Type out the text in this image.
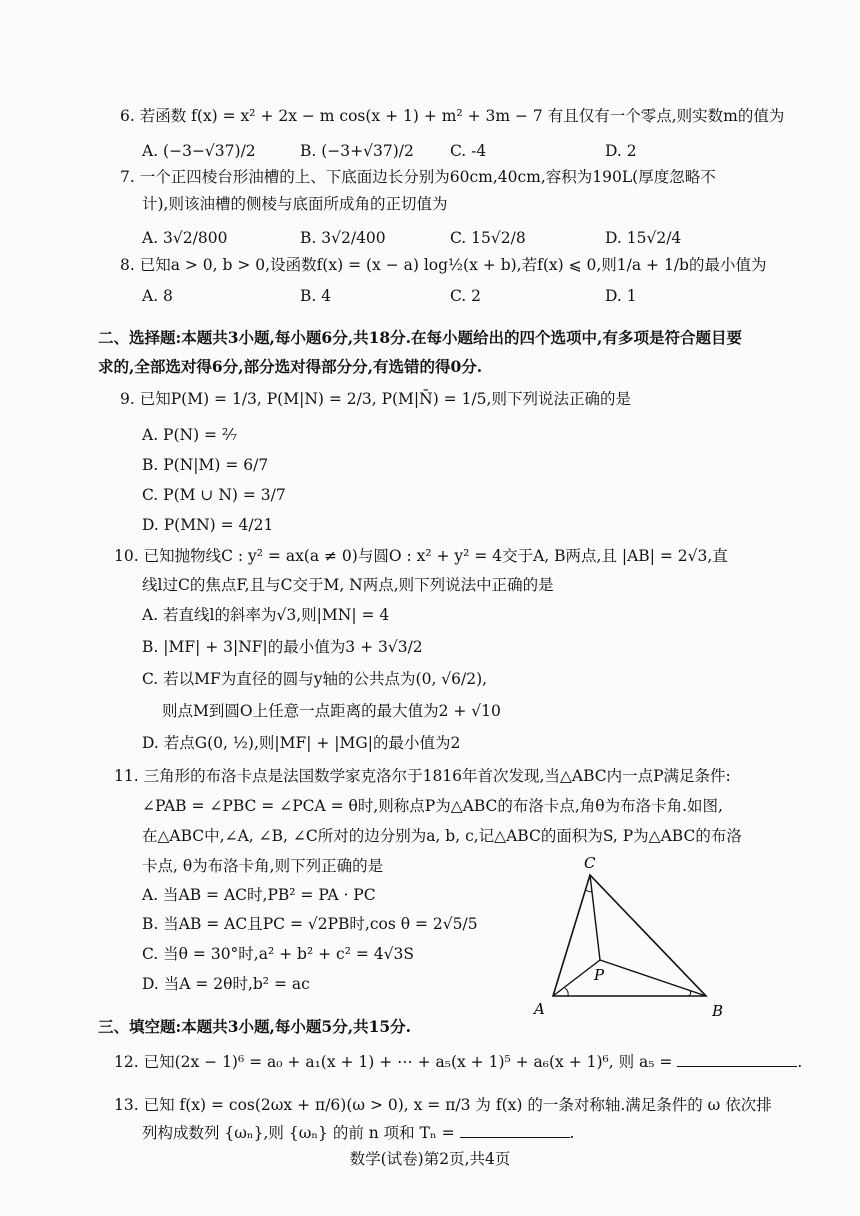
6. 若函数 f(x) = x² + 2x − m cos(x + 1) + m² + 3m − 7 有且仅有一个零点,则实数m的值为
A. (−3−√37)/2	B. (−3+√37)/2	C. -4	D. 2
7. 一个正四棱台形油槽的上、下底面边长分别为60cm,40cm,容积为190L(厚度忽略不
计),则该油槽的侧棱与底面所成角的正切值为
A. 3√2/800	B. 3√2/400	C. 15√2/8	D. 15√2/4
8. 已知a > 0, b > 0,设函数f(x) = (x − a) log½(x + b),若f(x) ⩽ 0,则1/a + 1/b的最小值为
A. 8	B. 4	C. 2	D. 1
二、选择题:本题共3小题,每小题6分,共18分.在每小题给出的四个选项中,有多项是符合题目要
求的,全部选对得6分,部分选对得部分分,有选错的得0分.
9. 已知P(M) = 1/3, P(M|N) = 2/3, P(M|N̄) = 1/5,则下列说法正确的是
A. P(N) = ²⁄₇
B. P(N|M) = 6/7
C. P(M ∪ N) = 3/7
D. P(MN) = 4/21
10. 已知抛物线C : y² = ax(a ≠ 0)与圆O : x² + y² = 4交于A, B两点,且 |AB| = 2√3,直
线l过C的焦点F,且与C交于M, N两点,则下列说法中正确的是
A. 若直线l的斜率为√3,则|MN| = 4
B. |MF| + 3|NF|的最小值为3 + 3√3/2
C. 若以MF为直径的圆与y轴的公共点为(0, √6/2),
则点M到圆O上任意一点距离的最大值为2 + √10
D. 若点G(0, ½),则|MF| + |MG|的最小值为2
11. 三角形的布洛卡点是法国数学家克洛尔于1816年首次发现,当△ABC内一点P满足条件:
∠PAB = ∠PBC = ∠PCA = θ时,则称点P为△ABC的布洛卡点,角θ为布洛卡角.如图,
在△ABC中,∠A, ∠B, ∠C所对的边分别为a, b, c,记△ABC的面积为S, P为△ABC的布洛
卡点, θ为布洛卡角,则下列正确的是
A. 当AB = AC时,PB² = PA · PC
B. 当AB = AC且PC = √2PB时,cos θ = 2√5/5
C. 当θ = 30°时,a² + b² + c² = 4√3S
D. 当A = 2θ时,b² = ac
C
P
A	B
三、填空题:本题共3小题,每小题5分,共15分.
12. 已知(2x − 1)⁶ = a₀ + a₁(x + 1) + ⋯ + a₅(x + 1)⁵ + a₆(x + 1)⁶, 则 a₅ =	.
13. 已知 f(x) = cos(2ωx + π/6)(ω > 0), x = π/3 为 f(x) 的一条对称轴.满足条件的 ω 依次排
列构成数列 {ωₙ},则 {ωₙ} 的前 n 项和 Tₙ =	.
数学(试卷)第2页,共4页
